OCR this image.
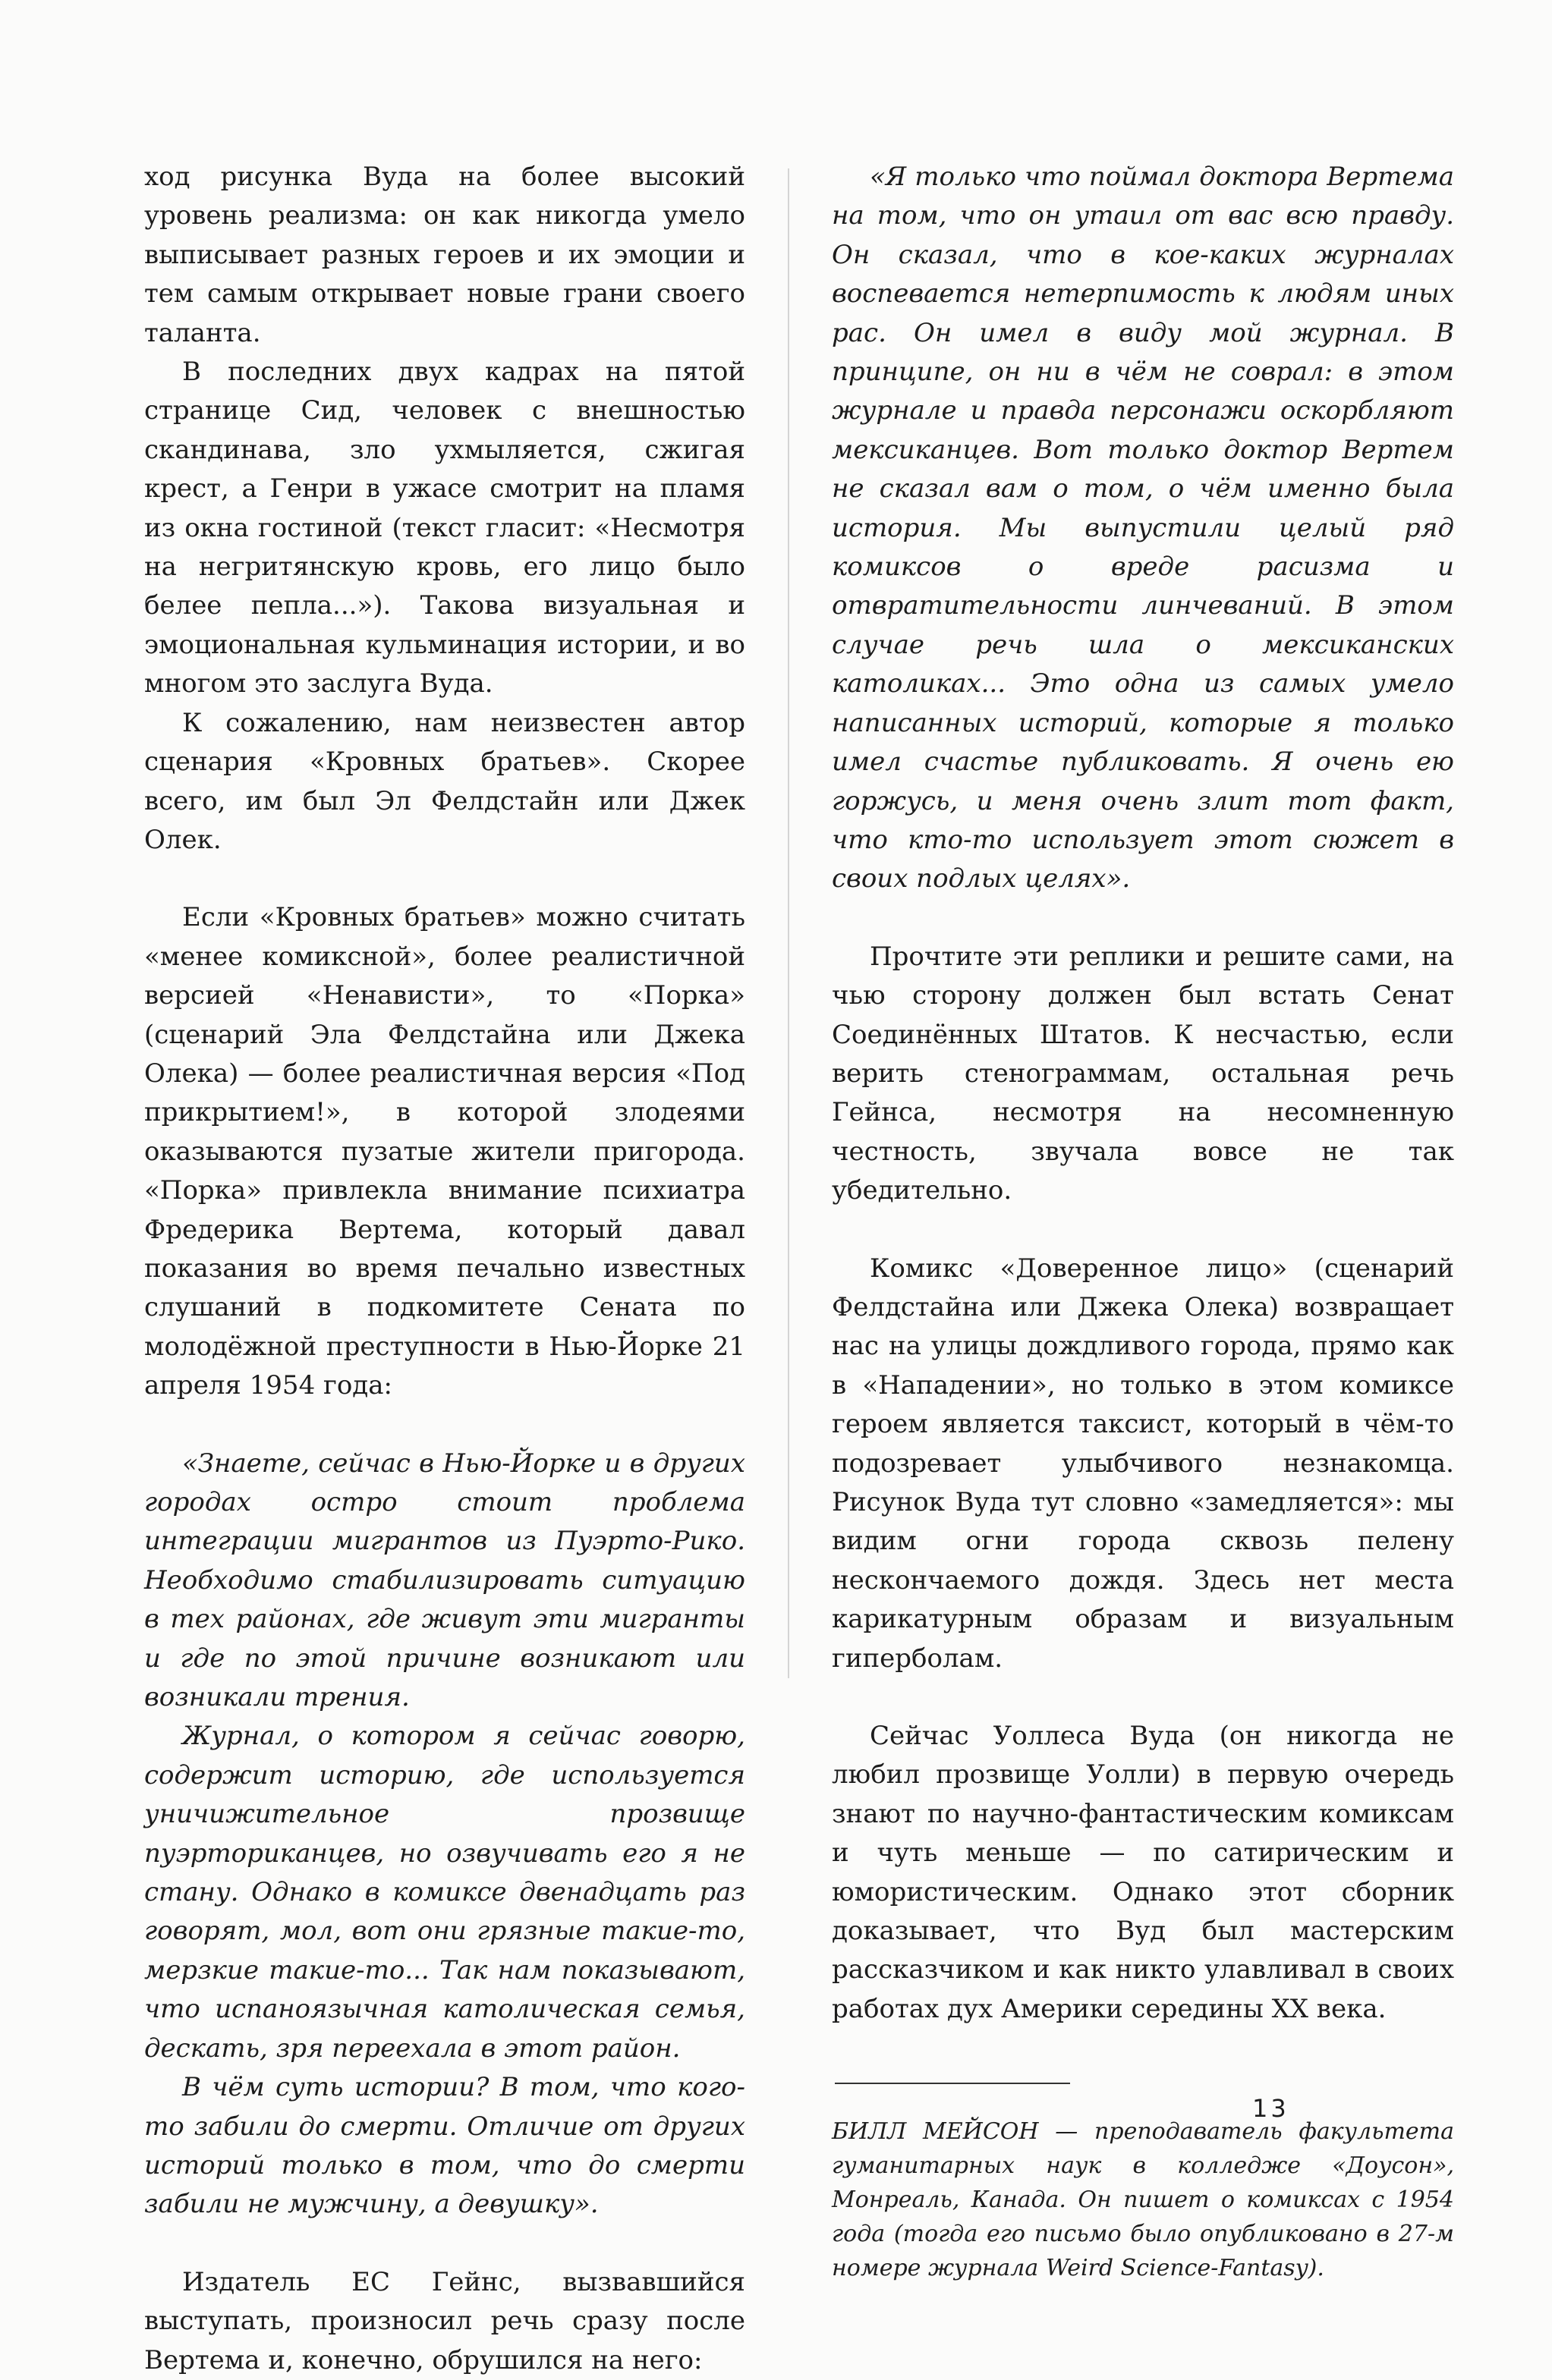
ход рисунка Вуда на более высокий уровень реализма: он как никогда умело выписывает разных героев и их эмоции и тем самым открывает новые грани своего таланта.

В последних двух кадрах на пятой странице Сид, человек с внешностью скандинава, зло ухмыляется, сжигая крест, а Генри в ужасе смотрит на пламя из окна гостиной (текст гласит: «Несмотря на негритянскую кровь, его лицо было белее пепла...»). Такова визуальная и эмоциональная кульминация истории, и во многом это заслуга Вуда.

К сожалению, нам неизвестен автор сценария «Кровных братьев». Скорее всего, им был Эл Фелдстайн или Джек Олек.

Если «Кровных братьев» можно считать «менее комиксной», более реалистичной версией «Ненависти», то «Порка» (сценарий Эла Фелдстайна или Джека Олека) — более реалистичная версия «Под прикрытием!», в которой злодеями оказываются пузатые жители пригорода. «Порка» привлекла внимание психиатра Фредерика Вертема, который давал показания во время печально известных слушаний в подкомитете Сената по молодёжной преступности в Нью-Йорке 21 апреля 1954 года:

«Знаете, сейчас в Нью-Йорке и в других городах остро стоит проблема интеграции мигрантов из Пуэрто-Рико. Необходимо стабилизировать ситуацию в тех районах, где живут эти мигранты и где по этой причине возникают или возникали трения.

Журнал, о котором я сейчас говорю, содержит историю, где используется уничижительное прозвище пуэрториканцев, но озвучивать его я не стану. Однако в комиксе двенадцать раз говорят, мол, вот они грязные такие-то, мерзкие такие-то... Так нам показывают, что испаноязычная католическая семья, дескать, зря переехала в этот район.

В чём суть истории? В том, что кого-то забили до смерти. Отличие от других историй только в том, что до смерти забили не мужчину, а девушку».

Издатель ЕС Гейнс, вызвавшийся выступать, произносил речь сразу после Вертема и, конечно, обрушился на него:

«Я только что поймал доктора Вертема на том, что он утаил от вас всю правду. Он сказал, что в кое-каких журналах воспевается нетерпимость к людям иных рас. Он имел в виду мой журнал. В принципе, он ни в чём не соврал: в этом журнале и правда персонажи оскорбляют мексиканцев. Вот только доктор Вертем не сказал вам о том, о чём именно была история. Мы выпустили целый ряд комиксов о вреде расизма и отвратительности линчеваний. В этом случае речь шла о мексиканских католиках... Это одна из самых умело написанных историй, которые я только имел счастье публиковать. Я очень ею горжусь, и меня очень злит тот факт, что кто-то использует этот сюжет в своих подлых целях».

Прочтите эти реплики и решите сами, на чью сторону должен был встать Сенат Соединённых Штатов. К несчастью, если верить стенограммам, остальная речь Гейнса, несмотря на несомненную честность, звучала вовсе не так убедительно.

Комикс «Доверенное лицо» (сценарий Фелдстайна или Джека Олека) возвращает нас на улицы дождливого города, прямо как в «Нападении», но только в этом комиксе героем является таксист, который в чём-то подозревает улыбчивого незнакомца. Рисунок Вуда тут словно «замедляется»: мы видим огни города сквозь пелену нескончаемого дождя. Здесь нет места карикатурным образам и визуальным гиперболам.

Сейчас Уоллеса Вуда (он никогда не любил прозвище Уолли) в первую очередь знают по научно-фантастическим комиксам и чуть меньше — по сатирическим и юмористическим. Однако этот сборник доказывает, что Вуд был мастерским рассказчиком и как никто улавливал в своих работах дух Америки середины XX века.

БИЛЛ МЕЙСОН — преподаватель факультета гуманитарных наук в колледже «Доусон», Монреаль, Канада. Он пишет о комиксах с 1954 года (тогда его письмо было опубликовано в 27-м номере журнала Weird Science-Fantasy).

13
